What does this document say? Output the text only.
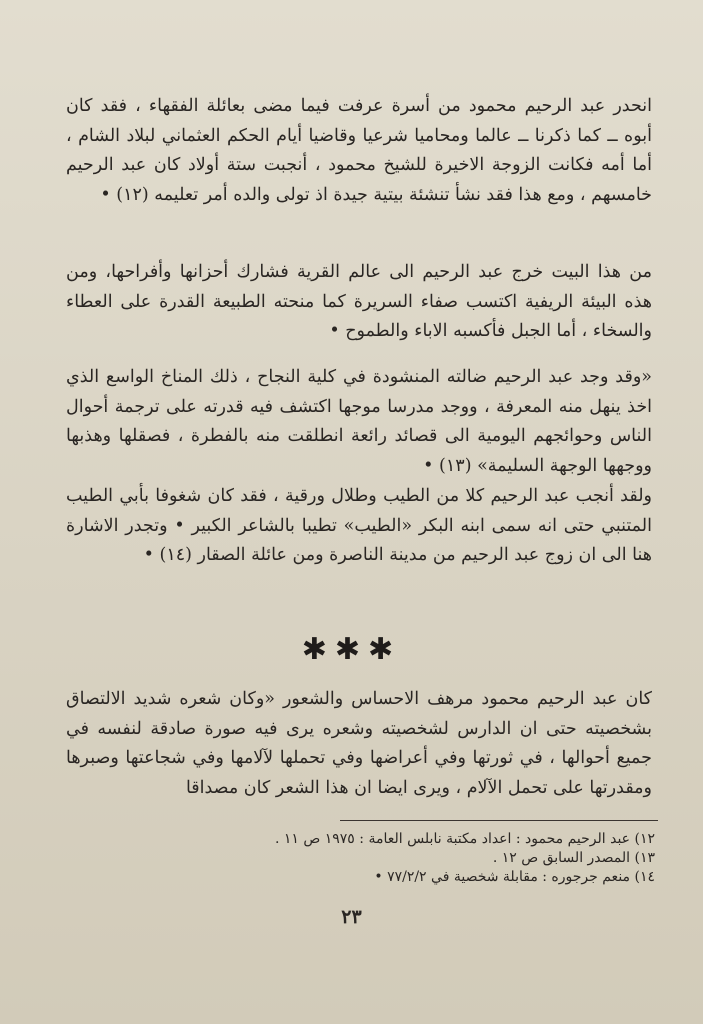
انحدر عبد الرحيم محمود من أسرة عرفت فيما مضى بعائلة الفقهاء ، فقد كان أبوه ــ كما ذكرنا ــ عالما ومحاميا شرعيا وقاضيا أيام الحكم العثماني لبلاد الشام ، أما أمه فكانت الزوجة الاخيرة للشيخ محمود ، أنجبت ستة أولاد كان عبد الرحيم خامسهم ، ومع هذا فقد نشأ تنشئة بيتية جيدة اذ تولى والده أمر تعليمه (١٢) •

من هذا البيت خرج عبد الرحيم الى عالم القرية فشارك أحزانها وأفراحها، ومن هذه البيئة الريفية اكتسب صفاء السريرة كما منحته الطبيعة القدرة على العطاء والسخاء ، أما الجبل فأكسبه الاباء والطموح •

«وقد وجد عبد الرحيم ضالته المنشودة في كلية النجاح ، ذلك المناخ الواسع الذي اخذ ينهل منه المعرفة ، ووجد مدرسا موجها اكتشف فيه قدرته على ترجمة أحوال الناس وحوائجهم اليومية الى قصائد رائعة انطلقت منه بالفطرة ، فصقلها وهذبها ووجهها الوجهة السليمة» (١٣) •

ولقد أنجب عبد الرحيم كلا من الطيب وطلال ورقية ، فقد كان شغوفا بأبي الطيب المتنبي حتى انه سمى ابنه البكر «الطيب» تطيبا بالشاعر الكبير • وتجدر الاشارة هنا الى ان زوج عبد الرحيم من مدينة الناصرة ومن عائلة الصقار (١٤) •

✱✱✱

كان عبد الرحيم محمود مرهف الاحساس والشعور «وكان شعره شديد الالتصاق بشخصيته حتى ان الدارس لشخصيته وشعره يرى فيه صورة صادقة لنفسه في جميع أحوالها ، في ثورتها وفي أعراضها وفي تحملها لآلامها وفي شجاعتها وصبرها ومقدرتها على تحمل الآلام ، ويرى ايضا ان هذا الشعر كان مصداقا

١٢) عبد الرحيم محمود : اعداد مكتبة نابلس العامة : ١٩٧٥ ص ١١ .
١٣) المصدر السابق ص ١٢ .
١٤) منعم جرجوره : مقابلة شخصية في ٧٧/٢/٢ •
٢٣
